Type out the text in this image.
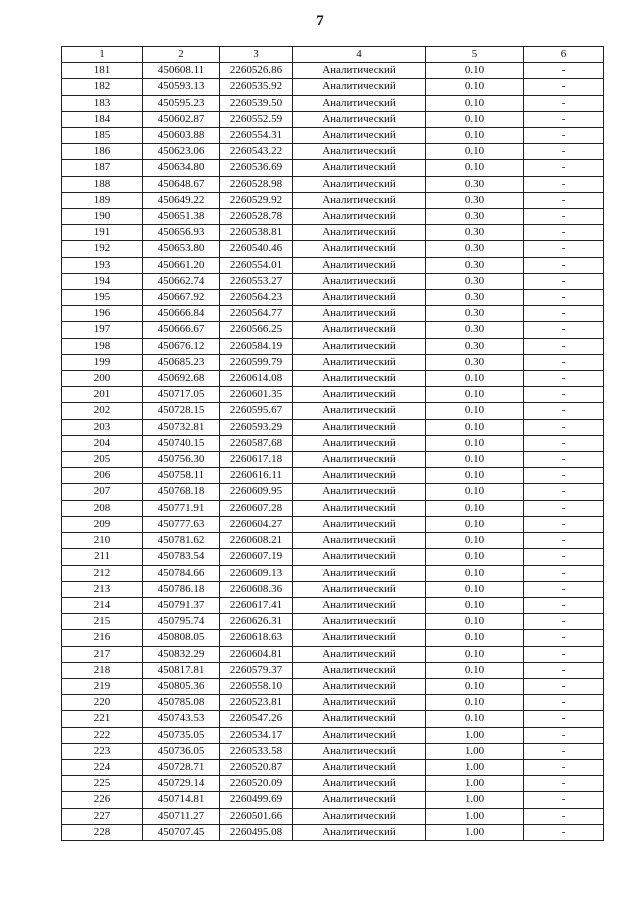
7
1	2	3	4	5	6
181	450608.11	2260526.86	Аналитический	0.10	-
182	450593.13	2260535.92	Аналитический	0.10	-
183	450595.23	2260539.50	Аналитический	0.10	-
184	450602.87	2260552.59	Аналитический	0.10	-
185	450603.88	2260554.31	Аналитический	0.10	-
186	450623.06	2260543.22	Аналитический	0.10	-
187	450634.80	2260536.69	Аналитический	0.10	-
188	450648.67	2260528.98	Аналитический	0.30	-
189	450649.22	2260529.92	Аналитический	0.30	-
190	450651.38	2260528.78	Аналитический	0.30	-
191	450656.93	2260538.81	Аналитический	0.30	-
192	450653.80	2260540.46	Аналитический	0.30	-
193	450661.20	2260554.01	Аналитический	0.30	-
194	450662.74	2260553.27	Аналитический	0.30	-
195	450667.92	2260564.23	Аналитический	0.30	-
196	450666.84	2260564.77	Аналитический	0.30	-
197	450666.67	2260566.25	Аналитический	0.30	-
198	450676.12	2260584.19	Аналитический	0.30	-
199	450685.23	2260599.79	Аналитический	0.30	-
200	450692.68	2260614.08	Аналитический	0.10	-
201	450717.05	2260601.35	Аналитический	0.10	-
202	450728.15	2260595.67	Аналитический	0.10	-
203	450732.81	2260593.29	Аналитический	0.10	-
204	450740.15	2260587.68	Аналитический	0.10	-
205	450756.30	2260617.18	Аналитический	0.10	-
206	450758.11	2260616.11	Аналитический	0.10	-
207	450768.18	2260609.95	Аналитический	0.10	-
208	450771.91	2260607.28	Аналитический	0.10	-
209	450777.63	2260604.27	Аналитический	0.10	-
210	450781.62	2260608.21	Аналитический	0.10	-
211	450783.54	2260607.19	Аналитический	0.10	-
212	450784.66	2260609.13	Аналитический	0.10	-
213	450786.18	2260608.36	Аналитический	0.10	-
214	450791.37	2260617.41	Аналитический	0.10	-
215	450795.74	2260626.31	Аналитический	0.10	-
216	450808.05	2260618.63	Аналитический	0.10	-
217	450832.29	2260604.81	Аналитический	0.10	-
218	450817.81	2260579.37	Аналитический	0.10	-
219	450805.36	2260558.10	Аналитический	0.10	-
220	450785.08	2260523.81	Аналитический	0.10	-
221	450743.53	2260547.26	Аналитический	0.10	-
222	450735.05	2260534.17	Аналитический	1.00	-
223	450736.05	2260533.58	Аналитический	1.00	-
224	450728.71	2260520.87	Аналитический	1.00	-
225	450729.14	2260520.09	Аналитический	1.00	-
226	450714.81	2260499.69	Аналитический	1.00	-
227	450711.27	2260501.66	Аналитический	1.00	-
228	450707.45	2260495.08	Аналитический	1.00	-
